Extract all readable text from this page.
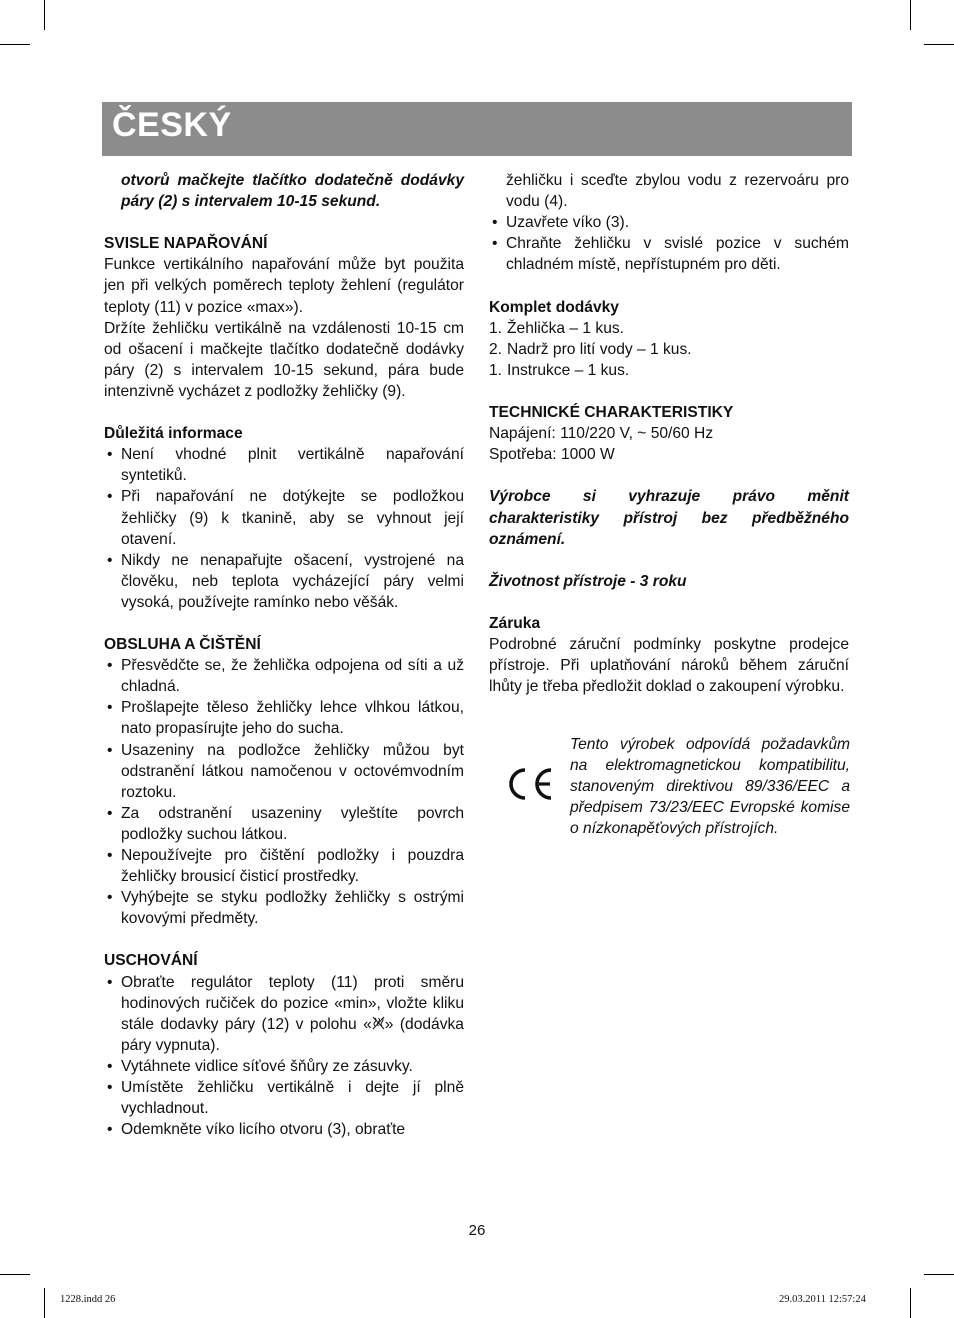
ČESKÝ

otvorů mačkejte tlačítko dodatečně dodávky páry (2) s intervalem 10-15 sekund.

SVISLE NAPAŘOVÁNÍ

Funkce vertikálního napařování může byt použita jen při velkých poměrech teploty žehlení (regulátor teploty (11) v pozice «max»).

Držíte žehličku vertikálně na vzdálenosti 10-15 cm od ošacení i mačkejte tlačítko dodatečně dodávky páry (2) s intervalem 10-15 sekund, pára bude intenzivně vycházet z podložky žehličky (9).

Důležitá informace

• Není vhodné plnit vertikálně napařování syntetiků.
• Při napařování ne dotýkejte se podložkou žehličky (9) k tkanině, aby se vyhnout její otavení.
• Nikdy ne nenapařujte ošacení, vystrojené na člověku, neb teplota vycházející páry velmi vysoká, používejte ramínko nebo věšák.

OBSLUHA A ČIŠTĚNÍ

• Přesvědčte se, že žehlička odpojena od síti a už chladná.
• Prošlapejte těleso žehličky lehce vlhkou látkou, nato propasírujte jeho do sucha.
• Usazeniny na podložce žehličky můžou byt odstranění látkou namočenou v octovémvodním roztoku.
• Za odstranění usazeniny vyleštíte povrch podložky suchou látkou.
• Nepoužívejte pro čištění podložky i pouzdra žehličky brousicí čisticí prostředky.
• Vyhýbejte se styku podložky žehličky s ostrými kovovými předměty.

USCHOVÁNÍ

• Obraťte regulátor teploty (11) proti směru hodinových ručiček do pozice «min», vložte kliku stále dodavky páry (12) v polohu « » (dodávka páry vypnuta).
• Vytáhnete vidlice síťové šňůry ze zásuvky.
• Umístěte žehličku vertikálně i dejte jí plně vychladnout.
• Odemkněte víko licího otvoru (3), obraťte

žehličku i sceďte zbylou vodu z rezervoáru pro vodu (4).

• Uzavřete víko (3).
• Chraňte žehličku v svislé pozice v suchém chladném místě, nepřístupném pro děti.

Komplet dodávky

1. Žehlička – 1 kus.
2. Nadrž pro lití vody – 1 kus.
1. Instrukce – 1 kus.

TECHNICKÉ CHARAKTERISTIKY

Napájení: 110/220 V, ~ 50/60 Hz

Spotřeba: 1000 W

Výrobce si vyhrazuje právo měnit charakteristiky přístroj bez předběžného oznámení.

Životnost přístroje - 3 roku

Záruka

Podrobné záruční podmínky poskytne prodejce přístroje. Při uplatňování nároků během záruční lhůty je třeba předložit doklad o zakoupení výrobku.

Tento výrobek odpovídá požadavkům na elektromagnetickou kompatibilitu, stanoveným direktivou 89/336/EEC a předpisem 73/23/EEC Evropské komise o nízkonapěťových přístrojích.

26
1228.indd 26	29.03.2011 12:57:24
